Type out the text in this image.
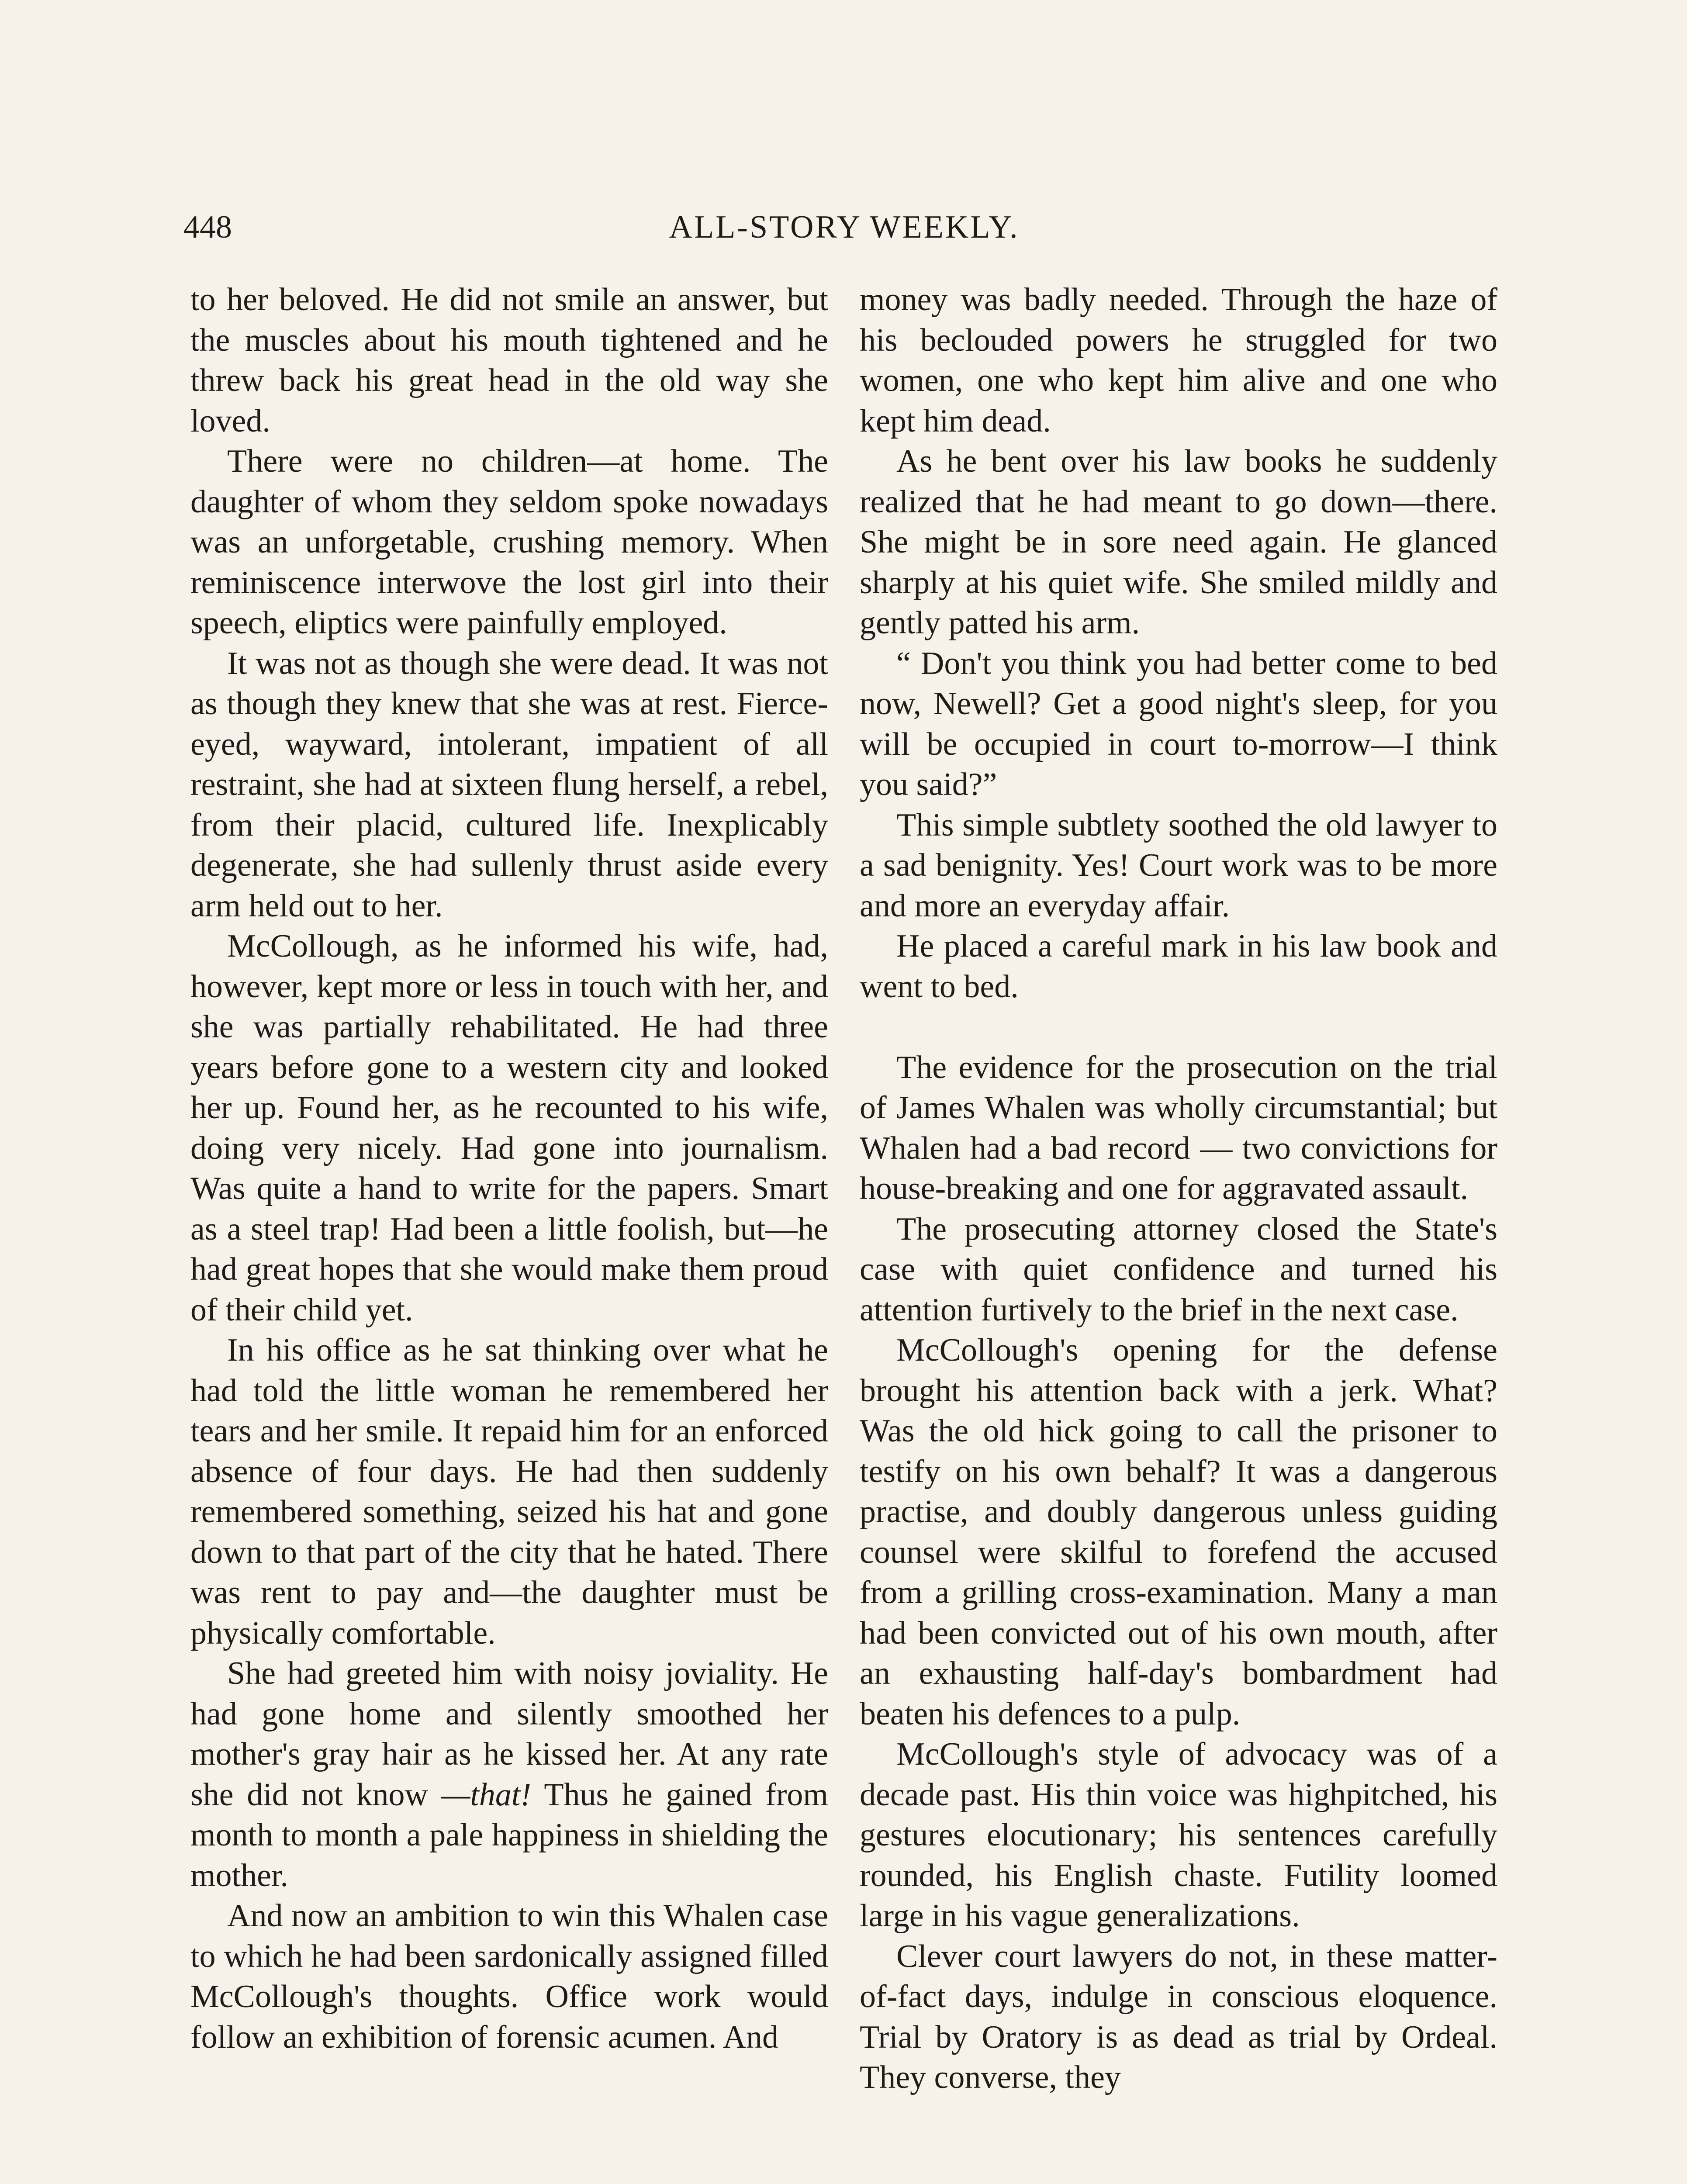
448	ALL-STORY WEEKLY.

to her beloved. He did not smile an answer, but the muscles about his mouth tightened and he threw back his great head in the old way she loved.

There were no children—at home. The daughter of whom they seldom spoke nowadays was an unforgetable, crushing memory. When reminiscence interwove the lost girl into their speech, eliptics were painfully employed.

It was not as though she were dead. It was not as though they knew that she was at rest. Fierce-eyed, wayward, intolerant, impatient of all restraint, she had at sixteen flung herself, a rebel, from their placid, cultured life. Inexplicably degenerate, she had sullenly thrust aside every arm held out to her.

McCollough, as he informed his wife, had, however, kept more or less in touch with her, and she was partially rehabilitated. He had three years before gone to a western city and looked her up. Found her, as he recounted to his wife, doing very nicely. Had gone into journalism. Was quite a hand to write for the papers. Smart as a steel trap! Had been a little foolish, but—he had great hopes that she would make them proud of their child yet.

In his office as he sat thinking over what he had told the little woman he remembered her tears and her smile. It repaid him for an enforced absence of four days. He had then suddenly remembered something, seized his hat and gone down to that part of the city that he hated. There was rent to pay and—the daughter must be physically comfortable.

She had greeted him with noisy joviality. He had gone home and silently smoothed her mother's gray hair as he kissed her. At any rate she did not know —that! Thus he gained from month to month a pale happiness in shielding the mother.

And now an ambition to win this Whalen case to which he had been sardonically assigned filled McCollough's thoughts. Office work would follow an exhibition of forensic acumen. And

money was badly needed. Through the haze of his beclouded powers he struggled for two women, one who kept him alive and one who kept him dead.

As he bent over his law books he suddenly realized that he had meant to go down—there. She might be in sore need again. He glanced sharply at his quiet wife. She smiled mildly and gently patted his arm.

“ Don't you think you had better come to bed now, Newell? Get a good night's sleep, for you will be occupied in court to-morrow—I think you said?”

This simple subtlety soothed the old lawyer to a sad benignity. Yes! Court work was to be more and more an everyday affair.

He placed a careful mark in his law book and went to bed.

The evidence for the prosecution on the trial of James Whalen was wholly circumstantial; but Whalen had a bad record — two convictions for house-breaking and one for aggravated assault.

The prosecuting attorney closed the State's case with quiet confidence and turned his attention furtively to the brief in the next case.

McCollough's opening for the defense brought his attention back with a jerk. What? Was the old hick going to call the prisoner to testify on his own behalf? It was a dangerous practise, and doubly dangerous unless guiding counsel were skilful to forefend the accused from a grilling cross-examination. Many a man had been convicted out of his own mouth, after an exhausting half-day's bombardment had beaten his defences to a pulp.

McCollough's style of advocacy was of a decade past. His thin voice was highpitched, his gestures elocutionary; his sentences carefully rounded, his English chaste. Futility loomed large in his vague generalizations.

Clever court lawyers do not, in these matter-of-fact days, indulge in conscious eloquence. Trial by Oratory is as dead as trial by Ordeal. They converse, they
